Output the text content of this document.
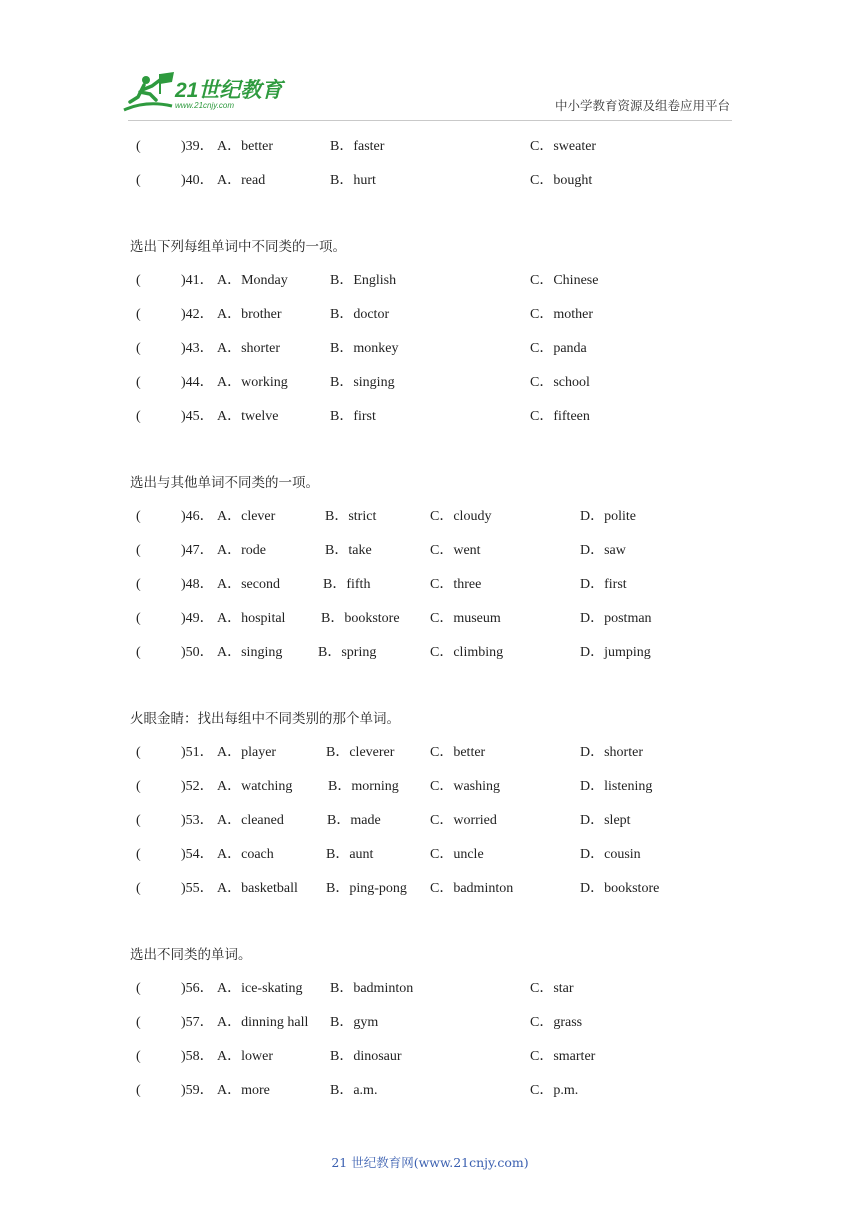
21世纪教育
www.21cnjy.com	中小学教育资源及组卷应用平台
(	)39． A．better	B．faster	C．sweater
(	)40． A．read	B．hurt	C．bought
选出下列每组单词中不同类的一项。
(	)41． A．Monday	B．English	C．Chinese
(	)42． A．brother	B．doctor	C．mother
(	)43． A．shorter	B．monkey	C．panda
(	)44． A．working	B．singing	C．school
(	)45． A．twelve	B．first	C．fifteen
选出与其他单词不同类的一项。
(	)46． A．clever	B．strict	C．cloudy	D．polite
(	)47． A．rode	B．take	C．went	D．saw
(	)48． A．second	B．fifth	C．three	D．first
(	)49． A．hospital	B．bookstore C．museum	D．postman
(	)50． A．singing	B．spring	C．climbing	D．jumping
火眼金睛：找出每组中不同类别的那个单词。
(	)51． A．player	B．cleverer	C．better	D．shorter
(	)52． A．watching	B．morning C．washing	D．listening
(	)53． A．cleaned	B．made	C．worried	D．slept
(	)54． A．coach	B．aunt	C．uncle	D．cousin
(	)55． A．basketball B．ping-pong C．badminton	D．bookstore
选出不同类的单词。
(	)56． A．ice-skating B．badminton	C．star
(	)57． A．dinning hall B．gym	C．grass
(	)58． A．lower	B．dinosaur	C．smarter
(	)59． A．more	B．a.m.	C．p.m.
21 世纪教育网(www.21cnjy.com)
